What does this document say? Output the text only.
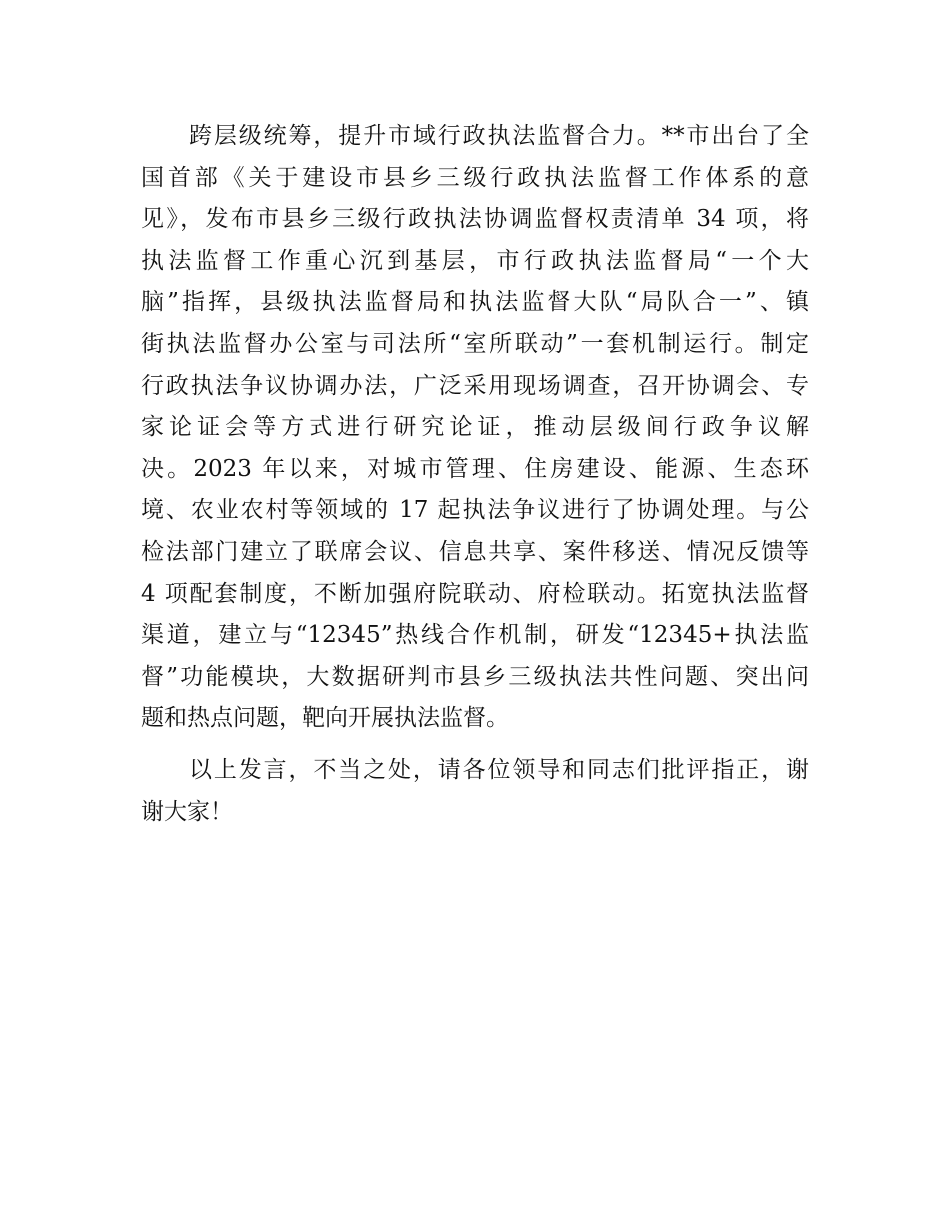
跨层级统筹，提升市域行政执法监督合力。**市出台了全
国首部《关于建设市县乡三级行政执法监督工作体系的意
见》，发布市县乡三级行政执法协调监督权责清单 34 项，将
执法监督工作重心沉到基层，市行政执法监督局“一个大
脑”指挥，县级执法监督局和执法监督大队“局队合一”、镇
街执法监督办公室与司法所“室所联动”一套机制运行。制定
行政执法争议协调办法，广泛采用现场调查，召开协调会、专
家论证会等方式进行研究论证，推动层级间行政争议解
决。2023 年以来，对城市管理、住房建设、能源、生态环
境、农业农村等领域的 17 起执法争议进行了协调处理。与公
检法部门建立了联席会议、信息共享、案件移送、情况反馈等
4 项配套制度，不断加强府院联动、府检联动。拓宽执法监督
渠道，建立与“12345”热线合作机制，研发“12345+执法监
督”功能模块，大数据研判市县乡三级执法共性问题、突出问
题和热点问题，靶向开展执法监督。
以上发言，不当之处，请各位领导和同志们批评指正，谢
谢大家！
